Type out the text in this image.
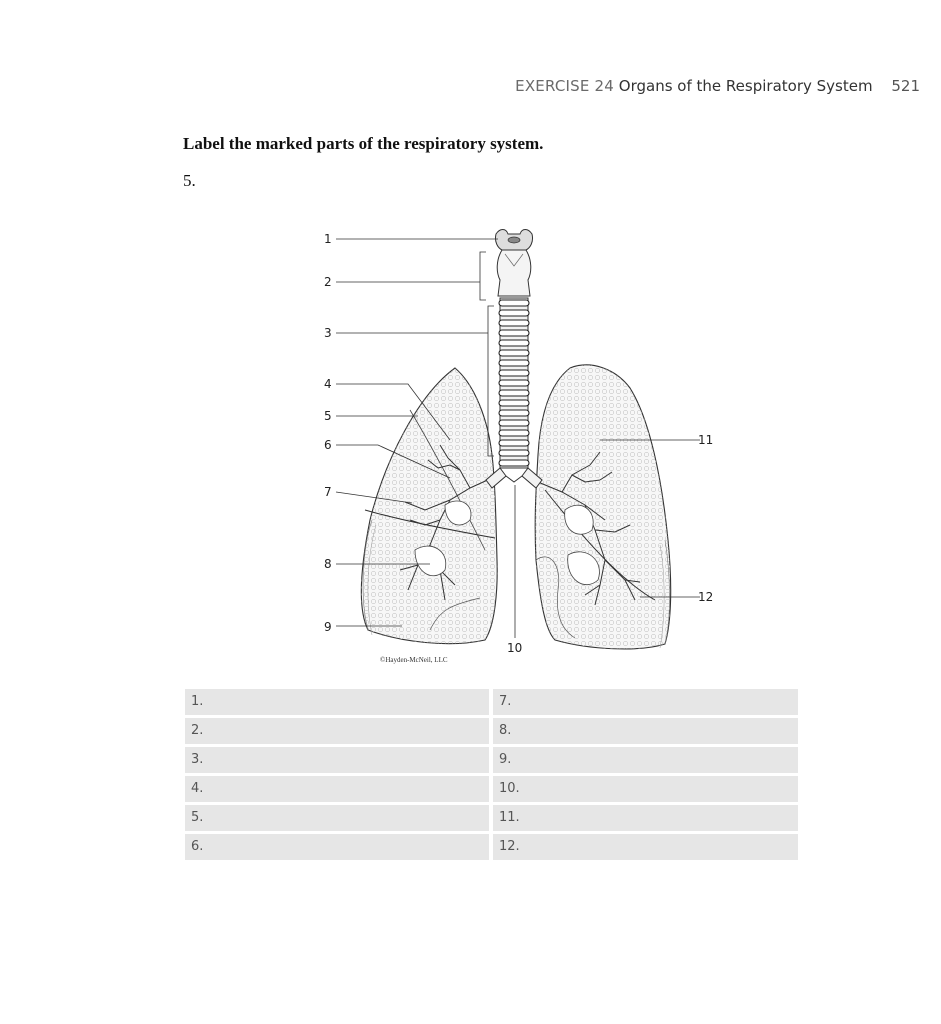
EXERCISE 24 Organs of the Respiratory System 521
Label the marked parts of the respiratory system.
5.
1
2
3
4
5
6
7
8
9
10
11
12
©Hayden-McNeil, LLC
1.	7.
2.	8.
3.	9.
4.	10.
5.	11.
6.	12.
